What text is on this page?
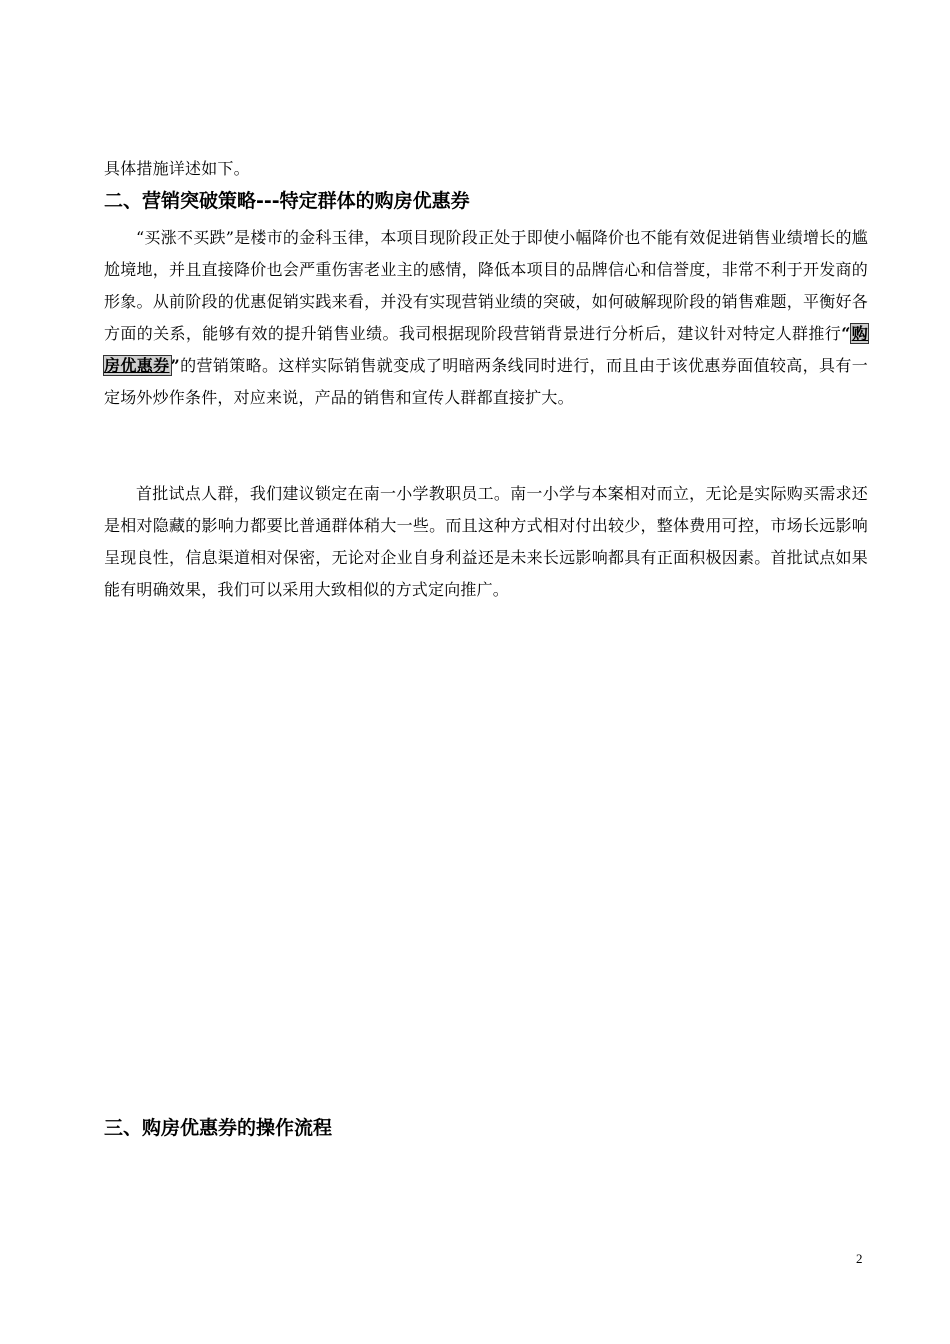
具体措施详述如下。
二、营销突破策略---特定群体的购房优惠券
“买涨不买跌”是楼市的金科玉律，本项目现阶段正处于即使小幅降价也不能有效促进销售业绩增长的尴尬境地，并且直接降价也会严重伤害老业主的感情，降低本项目的品牌信心和信誉度，非常不利于开发商的形象。从前阶段的优惠促销实践来看，并没有实现营销业绩的突破，如何破解现阶段的销售难题，平衡好各方面的关系，能够有效的提升销售业绩。我司根据现阶段营销背景进行分析后，建议针对特定人群推行“购房优惠券”的营销策略。这样实际销售就变成了明暗两条线同时进行，而且由于该优惠券面值较高，具有一定场外炒作条件，对应来说，产品的销售和宣传人群都直接扩大。
首批试点人群，我们建议锁定在南一小学教职员工。南一小学与本案相对而立，无论是实际购买需求还是相对隐藏的影响力都要比普通群体稍大一些。而且这种方式相对付出较少，整体费用可控，市场长远影响呈现良性，信息渠道相对保密，无论对企业自身利益还是未来长远影响都具有正面积极因素。首批试点如果能有明确效果，我们可以采用大致相似的方式定向推广。
三、购房优惠券的操作流程
2
